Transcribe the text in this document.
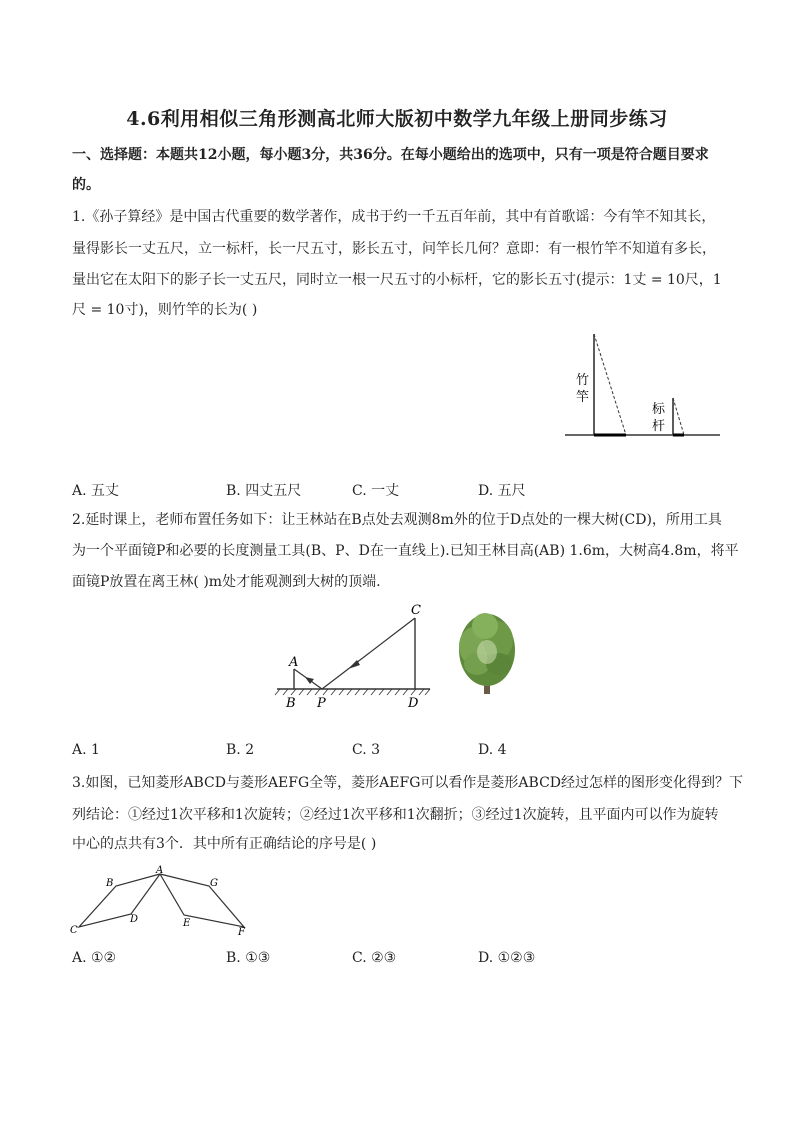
4.6利用相似三角形测高北师大版初中数学九年级上册同步练习
一、选择题：本题共12小题，每小题3分，共36分。在每小题给出的选项中，只有一项是符合题目要求
的。
1.《孙子算经》是中国古代重要的数学著作，成书于约一千五百年前，其中有首歌谣：今有竿不知其长，
量得影长一丈五尺，立一标杆，长一尺五寸，影长五寸，问竿长几何？意即：有一根竹竿不知道有多长，
量出它在太阳下的影子长一丈五尺，同时立一根一尺五寸的小标杆，它的影长五寸(提示：1丈 = 10尺，1
尺 = 10寸)，则竹竿的长为( )
竹
竿
标
杆
A. 五丈	B. 四丈五尺	C. 一丈	D. 五尺
2.延时课上，老师布置任务如下：让王林站在B点处去观测8m外的位于D点处的一棵大树(CD)，所用工具
为一个平面镜P和必要的长度测量工具(B、P、D在一直线上).已知王林目高(AB) 1.6m，大树高4.8m，将平
面镜P放置在离王林( )m处才能观测到大树的顶端.
A
B P
C
D
A. 1	B. 2	C. 3	D. 4
3.如图，已知菱形ABCD与菱形AEFG全等，菱形AEFG可以看作是菱形ABCD经过怎样的图形变化得到？下
列结论：①经过1次平移和1次旋转；②经过1次平移和1次翻折；③经过1次旋转，且平面内可以作为旋转
中心的点共有3个．其中所有正确结论的序号是( )
A
B
C
D	E
F
G
A. ①②	B. ①③	C. ②③	D. ①②③
